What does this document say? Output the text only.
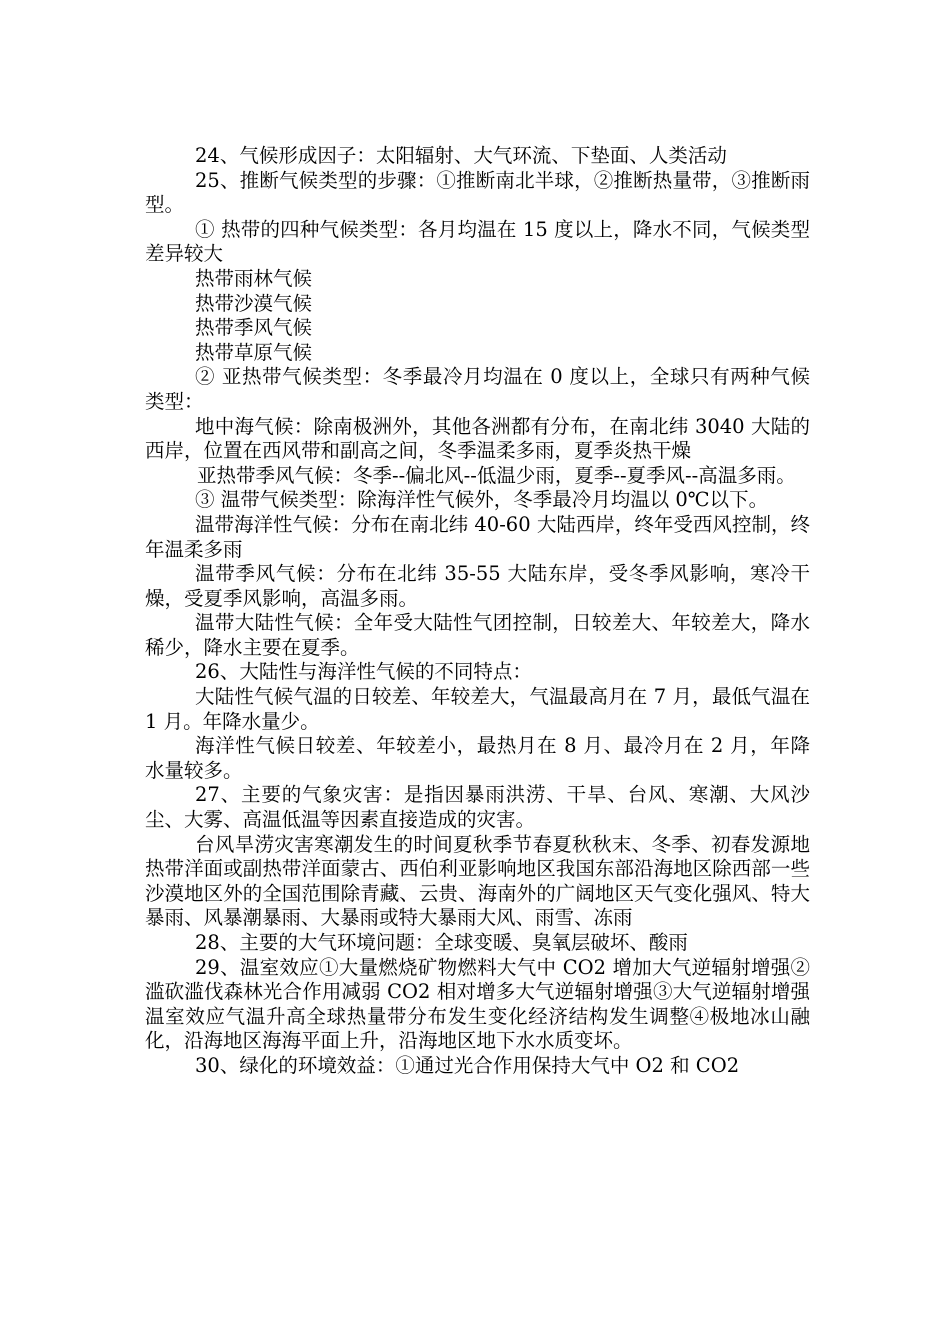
24、气候形成因子：太阳辐射、大气环流、下垫面、人类活动

25、推断气候类型的步骤：①推断南北半球，②推断热量带，③推断雨型。

① 热带的四种气候类型：各月均温在 15 度以上，降水不同，气候类型差异较大

热带雨林气候

热带沙漠气候

热带季风气候

热带草原气候

② 亚热带气候类型：冬季最冷月均温在 0 度以上，全球只有两种气候类型：

地中海气候：除南极洲外，其他各洲都有分布，在南北纬 3040 大陆的西岸，位置在西风带和副高之间，冬季温柔多雨，夏季炎热干燥

亚热带季风气候：冬季--偏北风--低温少雨，夏季--夏季风--高温多雨。

③ 温带气候类型：除海洋性气候外，冬季最冷月均温以 0℃以下。

温带海洋性气候：分布在南北纬 40-60 大陆西岸，终年受西风控制，终年温柔多雨

温带季风气候：分布在北纬 35-55 大陆东岸，受冬季风影响，寒冷干燥，受夏季风影响，高温多雨。

温带大陆性气候：全年受大陆性气团控制，日较差大、年较差大，降水稀少，降水主要在夏季。

26、大陆性与海洋性气候的不同特点：

大陆性气候气温的日较差、年较差大，气温最高月在 7 月，最低气温在 1 月。年降水量少。

海洋性气候日较差、年较差小，最热月在 8 月、最冷月在 2 月，年降水量较多。

27、主要的气象灾害：是指因暴雨洪涝、干旱、台风、寒潮、大风沙尘、大雾、高温低温等因素直接造成的灾害。

台风旱涝灾害寒潮发生的时间夏秋季节春夏秋秋末、冬季、初春发源地热带洋面或副热带洋面蒙古、西伯利亚影响地区我国东部沿海地区除西部一些沙漠地区外的全国范围除青藏、云贵、海南外的广阔地区天气变化强风、特大暴雨、风暴潮暴雨、大暴雨或特大暴雨大风、雨雪、冻雨

28、主要的大气环境问题：全球变暖、臭氧层破坏、酸雨

29、温室效应①大量燃烧矿物燃料大气中 CO2 增加大气逆辐射增强②滥砍滥伐森林光合作用减弱 CO2 相对增多大气逆辐射增强③大气逆辐射增强温室效应气温升高全球热量带分布发生变化经济结构发生调整④极地冰山融化，沿海地区海海平面上升，沿海地区地下水水质变坏。

30、绿化的环境效益：①通过光合作用保持大气中 O2 和 CO2
